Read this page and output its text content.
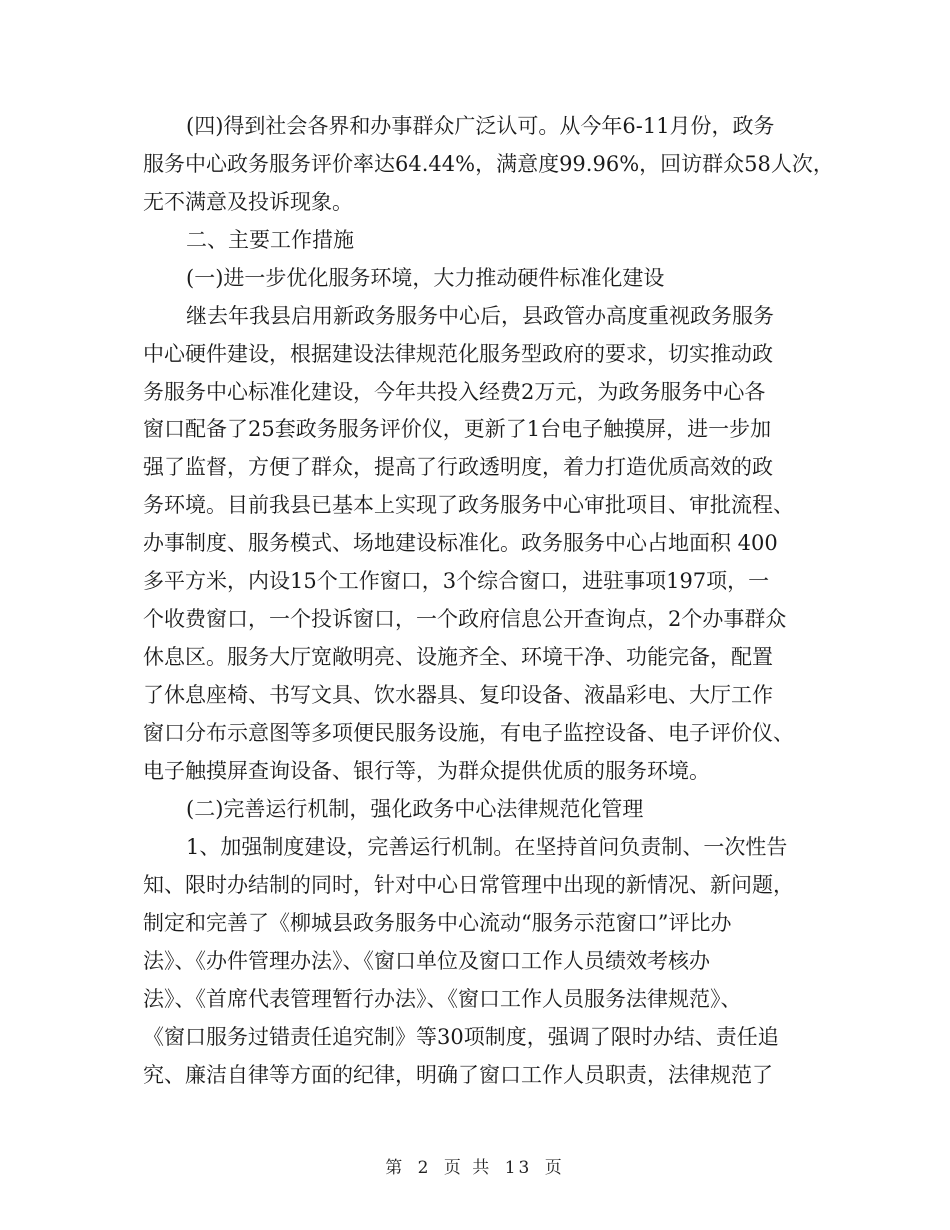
(四)得到社会各界和办事群众广泛认可。从今年6-11月份，政务

服务中心政务服务评价率达64.44%，满意度99.96%，回访群众58人次，

无不满意及投诉现象。

二、主要工作措施

(一)进一步优化服务环境，大力推动硬件标准化建设

继去年我县启用新政务服务中心后，县政管办高度重视政务服务

中心硬件建设，根据建设法律规范化服务型政府的要求，切实推动政

务服务中心标准化建设，今年共投入经费2万元，为政务服务中心各

窗口配备了25套政务服务评价仪，更新了1台电子触摸屏，进一步加

强了监督，方便了群众，提高了行政透明度，着力打造优质高效的政

务环境。目前我县已基本上实现了政务服务中心审批项目、审批流程、

办事制度、服务模式、场地建设标准化。政务服务中心占地面积 400

多平方米，内设15个工作窗口，3个综合窗口，进驻事项197项，一

个收费窗口，一个投诉窗口，一个政府信息公开查询点，2个办事群众

休息区。服务大厅宽敞明亮、设施齐全、环境干净、功能完备，配置

了休息座椅、书写文具、饮水器具、复印设备、液晶彩电、大厅工作

窗口分布示意图等多项便民服务设施，有电子监控设备、电子评价仪、

电子触摸屏查询设备、银行等，为群众提供优质的服务环境。

(二)完善运行机制，强化政务中心法律规范化管理

1、加强制度建设，完善运行机制。在坚持首问负责制、一次性告

知、限时办结制的同时，针对中心日常管理中出现的新情况、新问题，

制定和完善了《柳城县政务服务中心流动“服务示范窗口”评比办

法》、《办件管理办法》、《窗口单位及窗口工作人员绩效考核办

法》、《首席代表管理暂行办法》、《窗口工作人员服务法律规范》、

《窗口服务过错责任追究制》等30项制度，强调了限时办结、责任追

究、廉洁自律等方面的纪律，明确了窗口工作人员职责，法律规范了

第 2 页 共 13 页
